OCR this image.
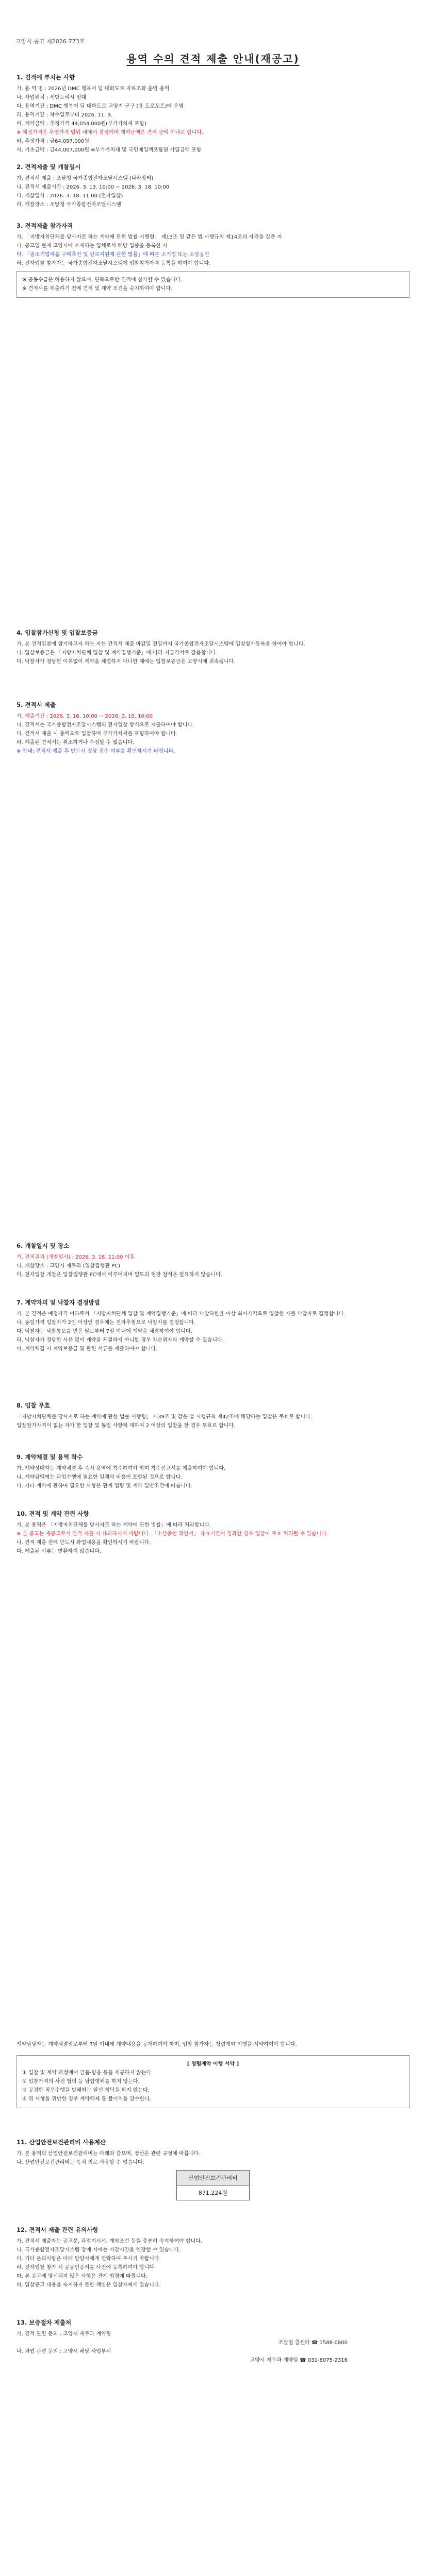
고양시 공고 제2026-773호
용역 수의 견적 제출 안내(재공고)
1. 견적에 부치는 사항

가. 용 역 명 : 2026년 DMC 행복어 딥 대화도로 자료조화 운영 용역

나. 사업위치 : 세방도리시 일대

다. 용역기간 : DMC 행복어 딥 대화도로 고양지 군구 (용 도로포트)에 운영

라. 용역기간 : 착수일로부터 2026. 11. 9.

마. 계약금액 : 추정가격 44,054,000원(부가가치세 포함)

※ 예정가격은 추정가격 범위 내에서 결정하며 계약금액은 견적 금액 이내로 합니다.

바. 추정가격 : 금64,097,000원

사. 기초금액 : 금44,007,000원 ※부가가치세 및 국민매입액포함된 가입금액 포함

2. 견적제출 및 개찰일시

가. 견적서 제출 : 조달청 국가종합전자조달시스템 (나라장터)

나. 견적서 제출기간 : 2026. 3. 13. 10:00 ~ 2026. 3. 18. 10:00

다. 개찰일시 : 2026. 3. 18. 11:00 (전자입찰)

라. 개찰장소 : 조달청 국가종합전자조달시스템

3. 견적제출 참가자격

가. 「지방자치단체를 당사자로 하는 계약에 관한 법률 시행령」 제13조 및 같은 법 시행규칙 제14조의 자격을 갖춘 자

나. 공고일 현재 고양시에 소재하는 업체로서 해당 업종을 등록한 자

다. 「중소기업제품 구매촉진 및 판로지원에 관한 법률」에 따른 소기업 또는 소상공인

라. 전자입찰 참가자는 국가종합전자조달시스템에 입찰참가자격 등록을 하여야 합니다.

※ 공동수급은 허용하지 않으며, 단독으로만 견적에 참가할 수 있습니다.

※ 견적서를 제출하기 전에 견적 및 계약 조건을 숙지하여야 합니다.

4. 입찰참가신청 및 입찰보증금

가. 본 견적입찰에 참가하고자 하는 자는 견적서 제출 마감일 전일까지 국가종합전자조달시스템에 입찰참가등록을 하여야 합니다.

나. 입찰보증금은 「지방자치단체 입찰 및 계약집행기준」에 따라 지급각서로 갈음합니다.

다. 낙찰자가 정당한 이유없이 계약을 체결하지 아니한 때에는 입찰보증금은 고양시에 귀속됩니다.

5. 견적서 제출

가. 제출기간 : 2026. 3. 16. 10:00 ~ 2026. 3. 18. 10:00

나. 견적서는 국가종합전자조달시스템의 전자입찰 방식으로 제출하여야 합니다.

다. 견적서 제출 시 총액으로 입찰하며 부가가치세를 포함하여야 합니다.

라. 제출된 견적서는 취소하거나 수정할 수 없습니다.

※ 안내: 견적서 제출 후 반드시 정상 접수 여부를 확인하시기 바랍니다.

6. 개찰일시 및 장소

가. 견적결과 (개찰일시) : 2026. 3. 18. 11:00 이후

나. 개찰장소 : 고양시 재무과 (입찰집행관 PC)

다. 전자입찰 개찰은 입찰집행관 PC에서 이루어지며 별도의 현장 참석은 필요하지 않습니다.

7. 계약자의 및 낙찰자 결정방법

가. 본 견적은 예정가격 이하로서 「지방자치단체 입찰 및 계약집행기준」에 따라 낙찰하한율 이상 최저가격으로 입찰한 자를 낙찰자로 결정합니다.

나. 동일가격 입찰자가 2인 이상인 경우에는 전자추첨으로 낙찰자를 결정합니다.

다. 낙찰자는 낙찰통보를 받은 날로부터 7일 이내에 계약을 체결하여야 합니다.

라. 낙찰자가 정당한 사유 없이 계약을 체결하지 아니할 경우 차순위자와 계약할 수 있습니다.

마. 계약체결 시 계약보증금 및 관련 서류를 제출하여야 합니다.

8. 입찰 무효

「지방자치단체를 당사자로 하는 계약에 관한 법률 시행령」 제39조 및 같은 법 시행규칙 제42조에 해당하는 입찰은 무효로 합니다.

입찰참가자격이 없는 자가 한 입찰 및 동일 사항에 대하여 2 이상의 입찰을 한 경우 무효로 합니다.

9. 계약체결 및 용역 착수

가. 계약상대자는 계약체결 후 즉시 용역에 착수하여야 하며 착수신고서를 제출하여야 합니다.

나. 계약금액에는 과업수행에 필요한 일체의 비용이 포함된 것으로 합니다.

다. 기타 계약에 관하여 필요한 사항은 관계 법령 및 계약 일반조건에 따릅니다.

10. 견적 및 계약 관련 사항

가. 본 용역은 「지방자치단체를 당사자로 하는 계약에 관한 법률」에 따라 처리합니다.

※ 본 공고는 재공고로서 견적 제출 시 유의하시기 바랍니다. 「소상공인 확인서」 유효기간이 경과한 경우 입찰이 무효 처리될 수 있습니다.

나. 견적 제출 전에 반드시 과업내용을 확인하시기 바랍니다.

다. 제출된 서류는 반환하지 않습니다.

계약담당자는 계약체결일로부터 7일 이내에 계약내용을 공개하여야 하며, 입찰 참가자는 청렴계약 이행을 서약하여야 합니다.

[ 청렴계약 이행 서약 ]

① 입찰 및 계약 과정에서 금품·향응 등을 제공하지 않는다.

② 입찰가격의 사전 협의 등 담합행위를 하지 않는다.

③ 공정한 직무수행을 방해하는 알선·청탁을 하지 않는다.

④ 위 사항을 위반한 경우 계약해제 등 불이익을 감수한다.

11. 산업안전보건관리비 사용계산

가. 본 용역의 산업안전보건관리비는 아래와 같으며, 정산은 관련 규정에 따릅니다.

나. 산업안전보건관리비는 목적 외로 사용할 수 없습니다.

산업안전보건관리비
871,224원
12. 견적서 제출 관련 유의사항

가. 견적서 제출자는 공고문, 과업지시서, 계약조건 등을 충분히 숙지하여야 합니다.

나. 국가종합전자조달시스템 장애 시에는 마감시간을 연장할 수 있습니다.

다. 기타 문의사항은 아래 담당자에게 연락하여 주시기 바랍니다.

라. 전자입찰 참가 시 공동인증서를 사전에 등록하여야 합니다.

마. 본 공고에 명시되지 않은 사항은 관계 법령에 따릅니다.

바. 입찰공고 내용을 숙지하지 못한 책임은 입찰자에게 있습니다.

13. 보증절차 제출처

가. 견적 관련 문의 : 고양시 재무과 계약팀

조달청 콜센터 ☎ 1588-0800

나. 과업 관련 문의 : 고양시 해당 사업부서

고양시 재무과 계약팀 ☎ 031-8075-2316
